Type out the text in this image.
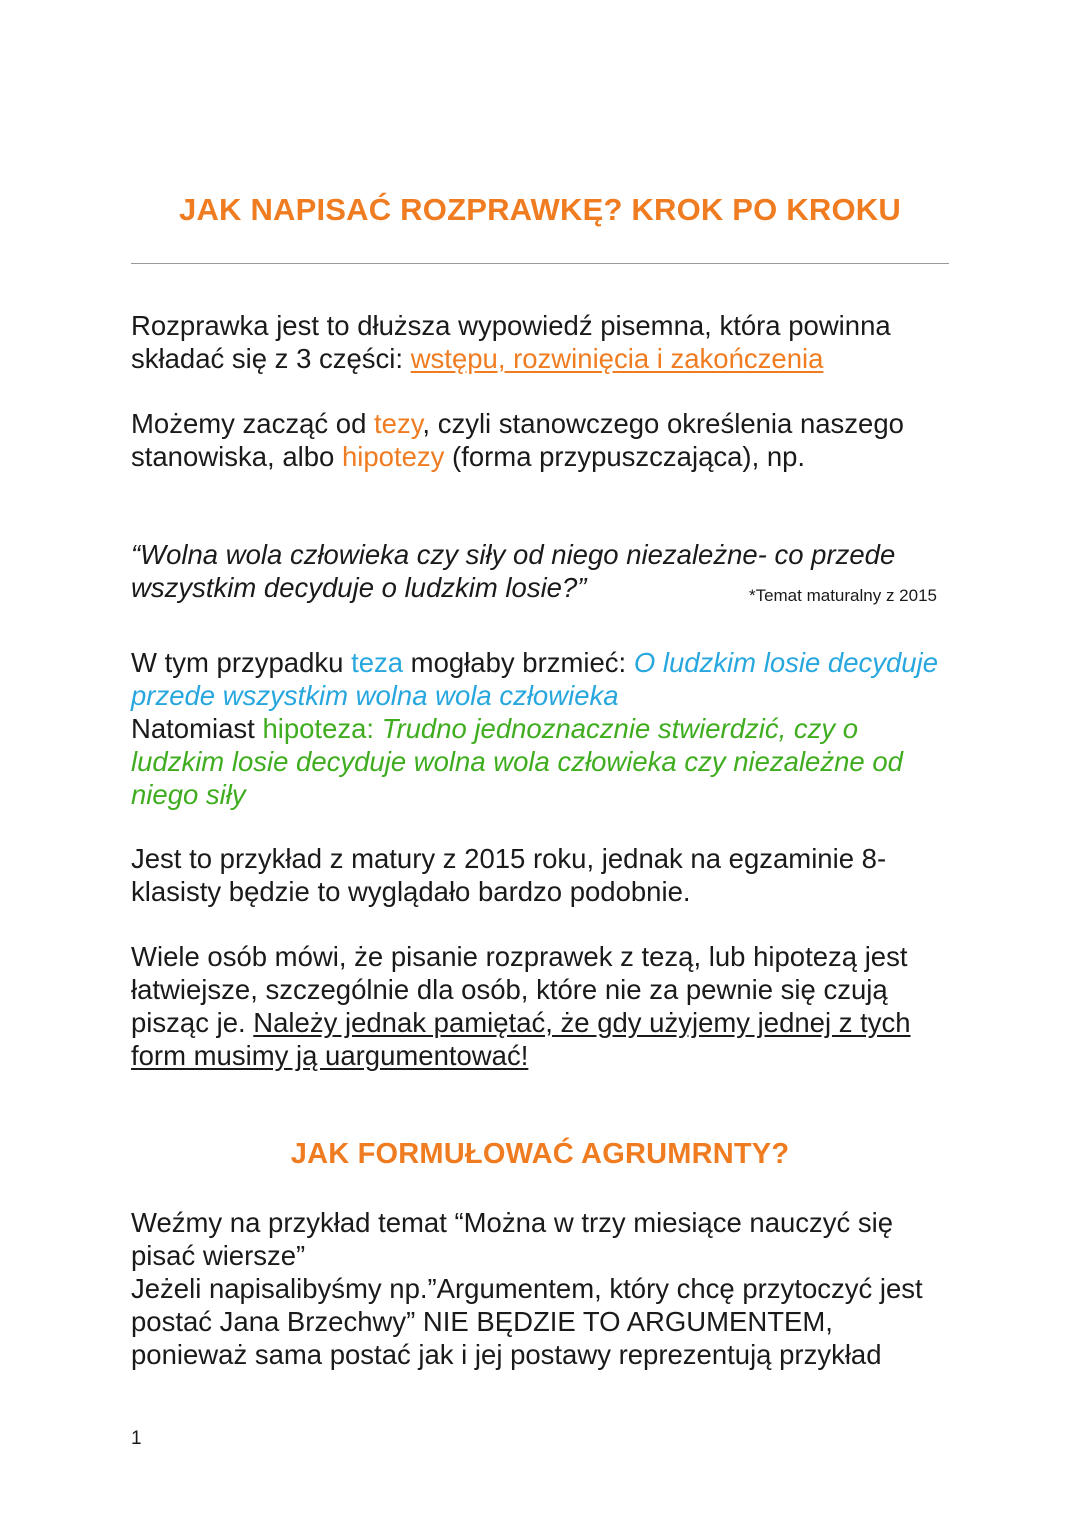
JAK NAPISAĆ ROZPRAWKĘ? KROK PO KROKU

Rozprawka jest to dłuższa wypowiedź pisemna, która powinna składać się z 3 części: wstępu, rozwinięcia i zakończenia

Możemy zacząć od tezy, czyli stanowczego określenia naszego stanowiska, albo hipotezy (forma przypuszczająca), np.

“Wolna wola człowieka czy siły od niego niezależne- co przede wszystkim decyduje o ludzkim losie?”	*Temat maturalny z 2015

W tym przypadku teza mogłaby brzmieć: O ludzkim losie decyduje przede wszystkim wolna wola człowieka
Natomiast hipoteza: Trudno jednoznacznie stwierdzić, czy o ludzkim losie decyduje wolna wola człowieka czy niezależne od niego siły

Jest to przykład z matury z 2015 roku, jednak na egzaminie 8-klasisty będzie to wyglądało bardzo podobnie.

Wiele osób mówi, że pisanie rozprawek z tezą, lub hipotezą jest łatwiejsze, szczególnie dla osób, które nie za pewnie się czują pisząc je. Należy jednak pamiętać, że gdy użyjemy jednej z tych form musimy ją uargumentować!

JAK FORMUŁOWAĆ AGRUMRNTY?

Weźmy na przykład temat “Można w trzy miesiące nauczyć się pisać wiersze”
Jeżeli napisalibyśmy np.”Argumentem, który chcę przytoczyć jest postać Jana Brzechwy” NIE BĘDZIE TO ARGUMENTEM, ponieważ sama postać jak i jej postawy reprezentują przykład

1
